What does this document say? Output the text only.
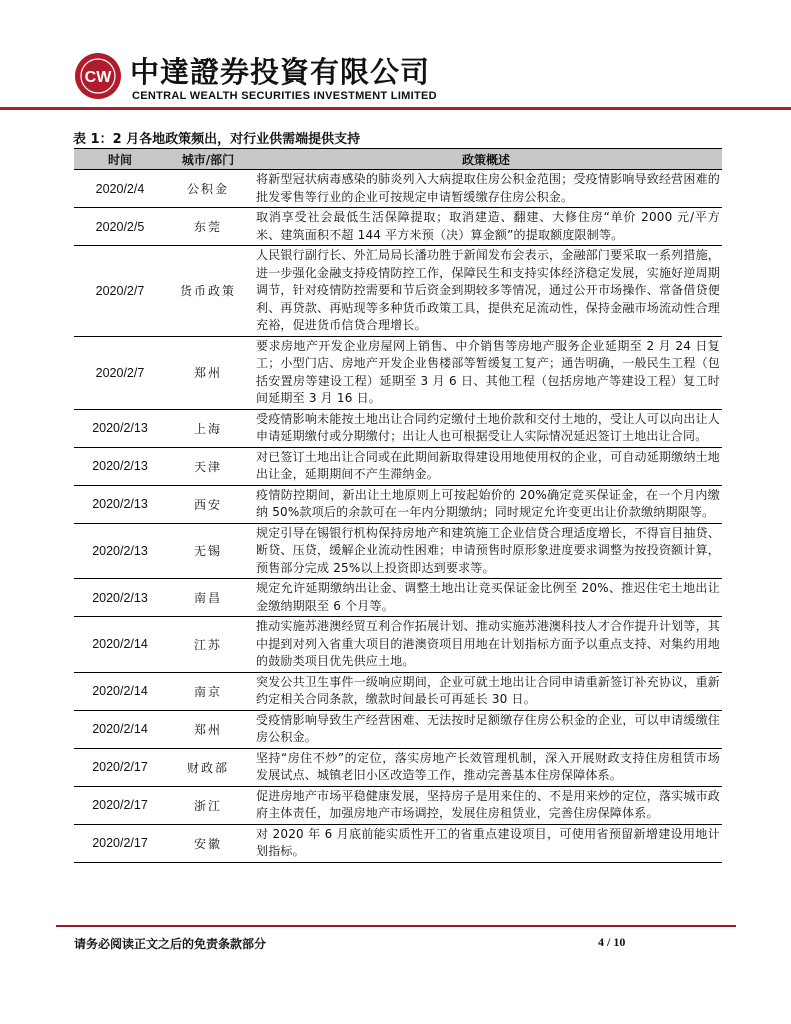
CW 中達證券投資有限公司
CENTRAL WEALTH SECURITIES INVESTMENT LIMITED
表 1：2 月各地政策频出，对行业供需端提供支持
时间	城市/部门	政策概述
2020/2/4	公积金	将新型冠状病毒感染的肺炎列入大病提取住房公积金范围；受疫情影响导致经营困难的批发零售等行业的企业可按规定申请暂缓缴存住房公积金。
2020/2/5	东莞	取消享受社会最低生活保障提取；取消建造、翻建、大修住房“单价 2000 元/平方米、建筑面积不超 144 平方米预（决）算金额”的提取额度限制等。
2020/2/7	货币政策	人民银行副行长、外汇局局长潘功胜于新闻发布会表示，金融部门要采取一系列措施，进一步强化金融支持疫情防控工作，保障民生和支持实体经济稳定发展，实施好逆周期调节，针对疫情防控需要和节后资金到期较多等情况，通过公开市场操作、常备借贷便利、再贷款、再贴现等多种货币政策工具，提供充足流动性，保持金融市场流动性合理充裕，促进货币信贷合理增长。
2020/2/7	郑州	要求房地产开发企业房屋网上销售、中介销售等房地产服务企业延期至 2 月 24 日复工；小型门店、房地产开发企业售楼部等暂缓复工复产；通告明确，一般民生工程（包括安置房等建设工程）延期至 3 月 6 日、其他工程（包括房地产等建设工程）复工时间延期至 3 月 16 日。
2020/2/13	上海	受疫情影响未能按土地出让合同约定缴付土地价款和交付土地的，受让人可以向出让人申请延期缴付或分期缴付；出让人也可根据受让人实际情况延迟签订土地出让合同。
2020/2/13	天津	对已签订土地出让合同或在此期间新取得建设用地使用权的企业，可自动延期缴纳土地出让金，延期期间不产生滞纳金。
2020/2/13	西安	疫情防控期间，新出让土地原则上可按起始价的 20%确定竞买保证金，在一个月内缴纳 50%款项后的余款可在一年内分期缴纳；同时规定允许变更出让价款缴纳期限等。
2020/2/13	无锡	规定引导在锡银行机构保持房地产和建筑施工企业信贷合理适度增长，不得盲目抽贷、断贷、压贷，缓解企业流动性困难；申请预售时原形象进度要求调整为按投资额计算，预售部分完成 25%以上投资即达到要求等。
2020/2/13	南昌	规定允许延期缴纳出让金、调整土地出让竞买保证金比例至 20%、推迟住宅土地出让金缴纳期限至 6 个月等。
2020/2/14	江苏	推动实施苏港澳经贸互利合作拓展计划、推动实施苏港澳科技人才合作提升计划等，其中提到对列入省重大项目的港澳资项目用地在计划指标方面予以重点支持、对集约用地的鼓励类项目优先供应土地。
2020/2/14	南京	突发公共卫生事件一级响应期间，企业可就土地出让合同申请重新签订补充协议，重新约定相关合同条款，缴款时间最长可再延长 30 日。
2020/2/14	郑州	受疫情影响导致生产经营困难、无法按时足额缴存住房公积金的企业，可以申请缓缴住房公积金。
2020/2/17	财政部	坚持“房住不炒”的定位，落实房地产长效管理机制，深入开展财政支持住房租赁市场发展试点、城镇老旧小区改造等工作，推动完善基本住房保障体系。
2020/2/17	浙江	促进房地产市场平稳健康发展，坚持房子是用来住的、不是用来炒的定位，落实城市政府主体责任，加强房地产市场调控，发展住房租赁业，完善住房保障体系。
2020/2/17	安徽	对 2020 年 6 月底前能实质性开工的省重点建设项目，可使用省预留新增建设用地计划指标。
请务必阅读正文之后的免责条款部分	4 / 10
